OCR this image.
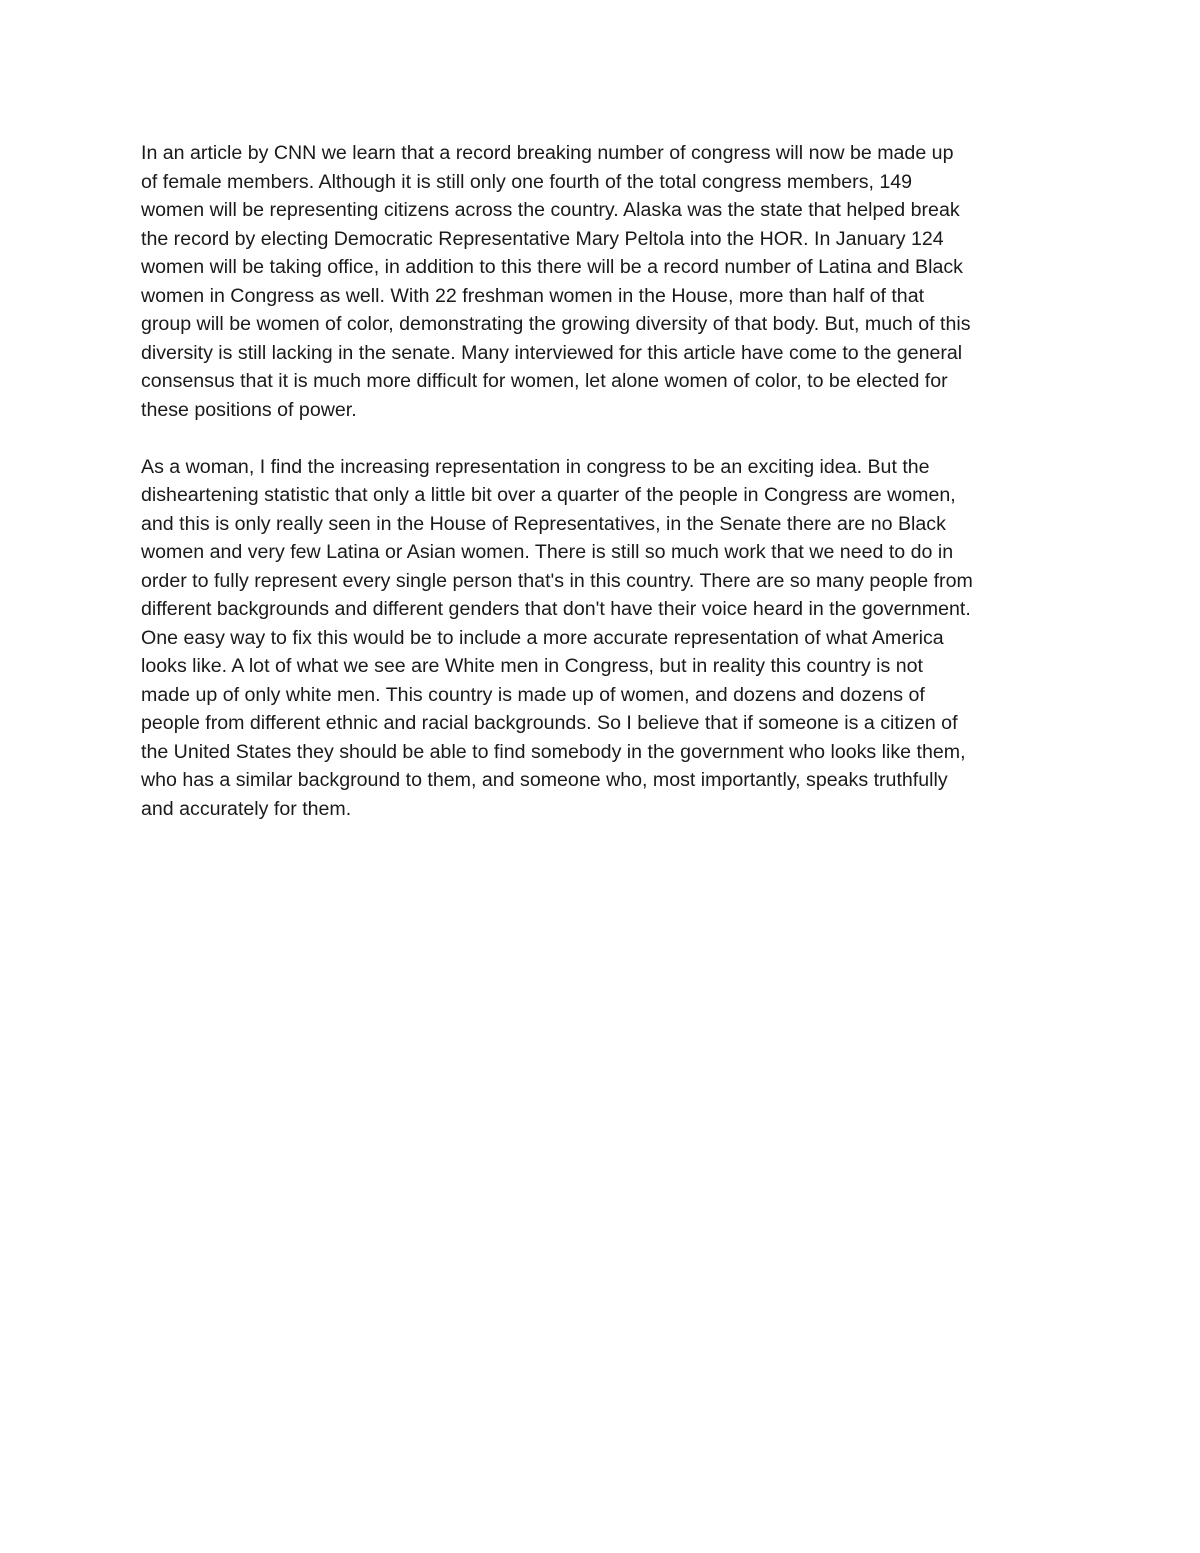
In an article by CNN we learn that a record breaking number of congress will now be made up
of female members. Although it is still only one fourth of the total congress members, 149
women will be representing citizens across the country. Alaska was the state that helped break
the record by electing Democratic Representative Mary Peltola into the HOR. In January 124
women will be taking office, in addition to this there will be a record number of Latina and Black
women in Congress as well. With 22 freshman women in the House, more than half of that
group will be women of color, demonstrating the growing diversity of that body. But, much of this
diversity is still lacking in the senate. Many interviewed for this article have come to the general
consensus that it is much more difficult for women, let alone women of color, to be elected for
these positions of power.

As a woman, I find the increasing representation in congress to be an exciting idea. But the
disheartening statistic that only a little bit over a quarter of the people in Congress are women,
and this is only really seen in the House of Representatives, in the Senate there are no Black
women and very few Latina or Asian women. There is still so much work that we need to do in
order to fully represent every single person that's in this country. There are so many people from
different backgrounds and different genders that don't have their voice heard in the government.
One easy way to fix this would be to include a more accurate representation of what America
looks like. A lot of what we see are White men in Congress, but in reality this country is not
made up of only white men. This country is made up of women, and dozens and dozens of
people from different ethnic and racial backgrounds. So I believe that if someone is a citizen of
the United States they should be able to find somebody in the government who looks like them,
who has a similar background to them, and someone who, most importantly, speaks truthfully
and accurately for them.
